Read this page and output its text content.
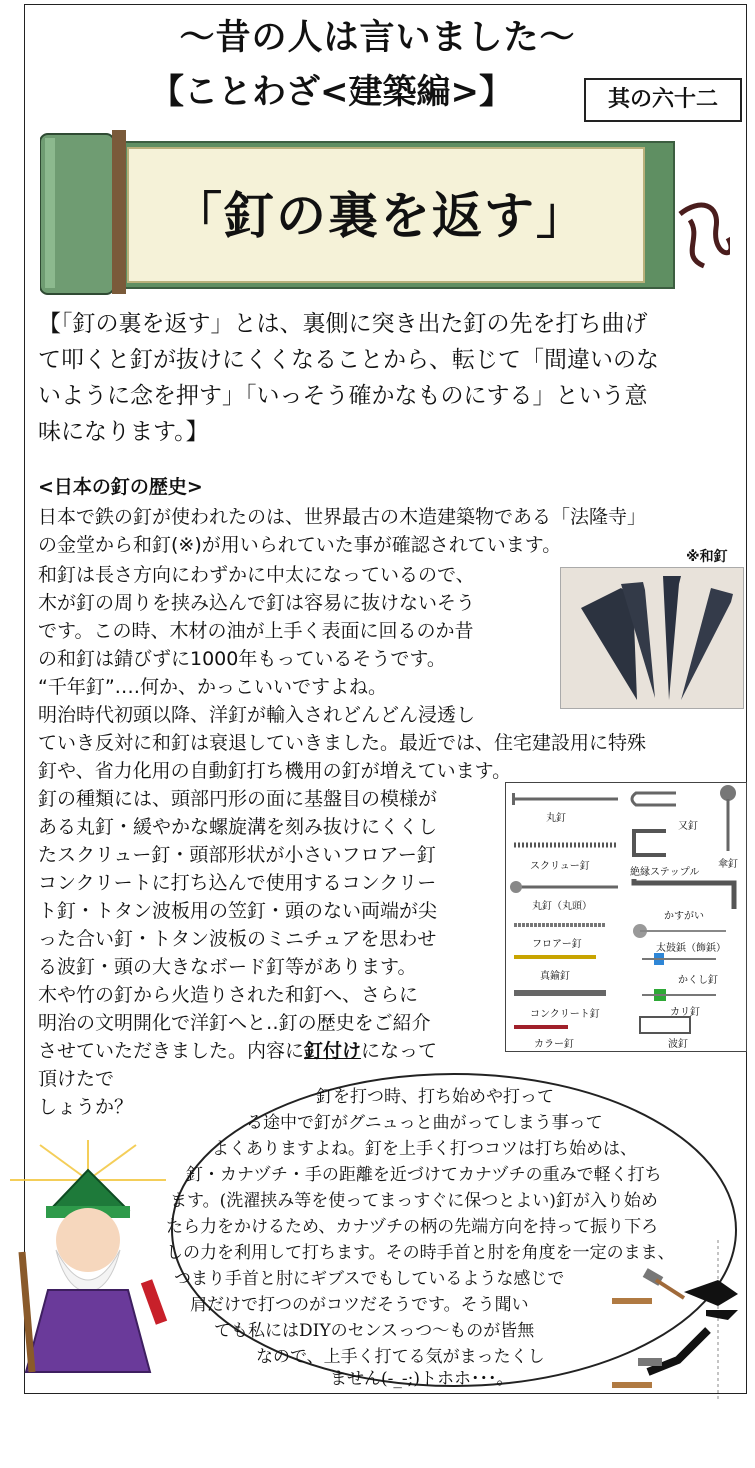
～昔の人は言いました～
【ことわざ<建築編>】	其の六十二
「釘の裏を返す」
【「釘の裏を返す」とは、裏側に突き出た釘の先を打ち曲げ
て叩くと釘が抜けにくくなることから、転じて「間違いのな
いように念を押す」「いっそう確かなものにする」という意
味になります。】
<日本の釘の歴史>
日本で鉄の釘が使われたのは、世界最古の木造建築物である「法隆寺」
の金堂から和釘(※)が用いられていた事が確認されています。
和釘は長さ方向にわずかに中太になっているので、
木が釘の周りを挟み込んで釘は容易に抜けないそう
です。この時、木材の油が上手く表面に回るのか昔
の和釘は錆びずに1000年もっているそうです。
“千年釘”‥‥何か、かっこいいですよね。
明治時代初頭以降、洋釘が輸入されどんどん浸透し
ていき反対に和釘は衰退していきました。最近では、住宅建設用に特殊
釘や、省力化用の自動釘打ち機用の釘が増えています。
釘の種類には、頭部円形の面に基盤目の模様が
ある丸釘・緩やかな螺旋溝を刻み抜けにくくし
たスクリュー釘・頭部形状が小さいフロアー釘
コンクリートに打ち込んで使用するコンクリー
ト釘・トタン波板用の笠釘・頭のない両端が尖
った合い釘・トタン波板のミニチュアを思わせ
る波釘・頭の大きなボード釘等があります。
木や竹の釘から火造りされた和釘へ、さらに
明治の文明開化で洋釘へと‥釘の歴史をご紹介
させていただきました。内容に釘付けになって
頂けたで
しょうか？
※和釘
丸釘
又釘
傘釘
スクリュー釘
絶縁ステップル
丸釘（丸頭）
かすがい
フロアー釘	太鼓鋲（飾鋲）
真鍮釘	かくし釘
コンクリート釘	カリ釘
カラー釘	波釘
釘を打つ時、打ち始めや打って
る途中で釘がグニュっと曲がってしまう事って
よくありますよね。釘を上手く打つコツは打ち始めは、
釘・カナヅチ・手の距離を近づけてカナヅチの重みで軽く打ち
ます。(洗濯挟み等を使ってまっすぐに保つとよい)釘が入り始め
たら力をかけるため、カナヅチの柄の先端方向を持って振り下ろ
しの力を利用して打ちます。その時手首と肘を角度を一定のまま、
つまり手首と肘にギブスでもしているような感じで
肩だけで打つのがコツだそうです。そう聞い
ても私にはDIYのセンスっつ～ものが皆無
なので、上手く打てる気がまったくし
ません(-_-;)トホホ･･･。
